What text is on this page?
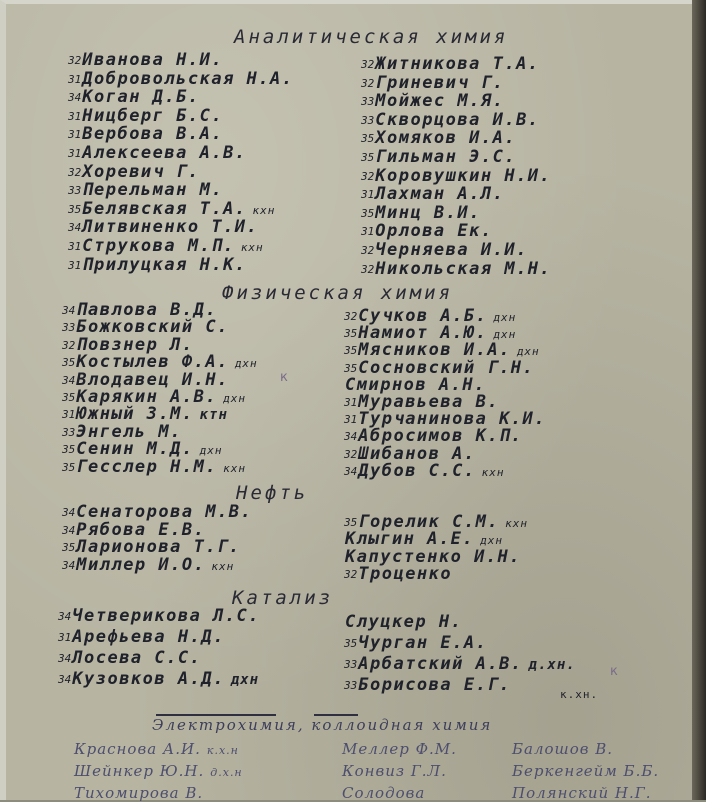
Аналитическая химия
32Иванова Н.И.
31Добровольская Н.А.
34Коган Д.Б.
31Ницберг Б.С.
31Вербова В.А.
31Алексеева А.В.
32Хоревич Г.
33Перельман М.
35Белявская Т.А. кхн
34Литвиненко Т.И.
31Струкова М.П. кхн
31Прилуцкая Н.К.
32Житникова Т.А.
32Гриневич Г.
33Мойжес М.Я.
33Скворцова И.В.
35Хомяков И.А.
35Гильман Э.С.
32Коровушкин Н.И.
31Лахман А.Л.
35Минц В.И.
31Орлова Ек.
32Черняева И.И.
32Никольская М.Н.
Физическая химия
34Павлова В.Д.
33Божковский С.
32Повзнер Л.
35Костылев Ф.А. дхн
34Влодавец И.Н.
35Карякин А.В. дхн
31Южный З.М. ктн
33Энгель М.
35Сенин М.Д. дхн
35Гесслер Н.М. кхн
32Сучков А.Б. дхн
35Намиот А.Ю. дхн
35Мясников И.А. дхн
35Сосновский Г.Н.
Смирнов А.Н.
31Муравьева В.
31Турчанинова К.И.
34Абросимов К.П.
32Шибанов А.
34Дубов С.С. кхн
к
Нефть
34Сенаторова М.В.
34Рябова Е.В.
35Ларионова Т.Г.
34Миллер И.О. кхн
35Горелик С.М. кхн
Клыгин А.Е. дхн
Капустенко И.Н.
32Троценко
Катализ
34Четверикова Л.С.
31Арефьева Н.Д.
34Лосева С.С.
34Кузовков А.Д. дхн
Слуцкер Н.
35Чурган Е.А.
33Арбатский А.В. д.хн.
33Борисова Е.Г.	к.хн.
к
Электрохимия, коллоидная химия
Краснова А.И. к.х.н
Шейнкер Ю.Н. д.х.н
Тихомирова В.
Меллер Ф.М.
Конвиз Г.Л.
Солодова
Балошов В.
Беркенгейм Б.Б.
Полянский Н.Г.
